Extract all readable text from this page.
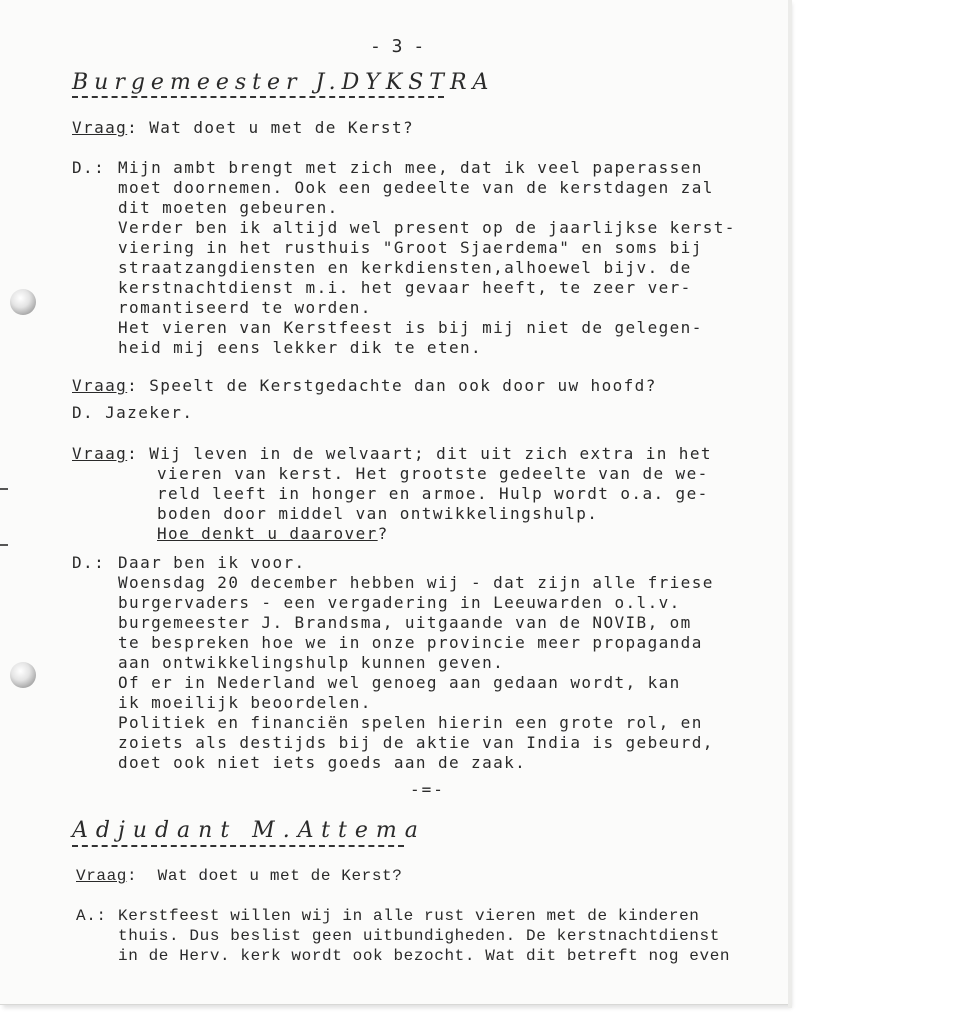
- 3 -
Burgemeester J.DYKSTRA
Vraag: Wat doet u met de Kerst?
D.: Mijn ambt brengt met zich mee, dat ik veel paperassen
moet doornemen. Ook een gedeelte van de kerstdagen zal
dit moeten gebeuren.
Verder ben ik altijd wel present op de jaarlijkse kerst-
viering in het rusthuis "Groot Sjaerdema" en soms bij
straatzangdiensten en kerkdiensten,alhoewel bijv. de
kerstnachtdienst m.i. het gevaar heeft, te zeer ver-
romantiseerd te worden.
Het vieren van Kerstfeest is bij mij niet de gelegen-
heid mij eens lekker dik te eten.
Vraag: Speelt de Kerstgedachte dan ook door uw hoofd?
D. Jazeker.
Vraag: Wij leven in de welvaart; dit uit zich extra in het
vieren van kerst. Het grootste gedeelte van de we-
reld leeft in honger en armoe. Hulp wordt o.a. ge-
boden door middel van ontwikkelingshulp.
Hoe denkt u daarover?
D.: Daar ben ik voor.
Woensdag 20 december hebben wij - dat zijn alle friese
burgervaders - een vergadering in Leeuwarden o.l.v.
burgemeester J. Brandsma, uitgaande van de NOVIB, om
te bespreken hoe we in onze provincie meer propaganda
aan ontwikkelingshulp kunnen geven.
Of er in Nederland wel genoeg aan gedaan wordt, kan
ik moeilijk beoordelen.
Politiek en financiën spelen hierin een grote rol, en
zoiets als destijds bij de aktie van India is gebeurd,
doet ook niet iets goeds aan de zaak.
-=-
Adjudant M.Attema
Vraag:  Wat doet u met de Kerst?
A.: Kerstfeest willen wij in alle rust vieren met de kinderen
thuis. Dus beslist geen uitbundigheden. De kerstnachtdienst
in de Herv. kerk wordt ook bezocht. Wat dit betreft nog even
